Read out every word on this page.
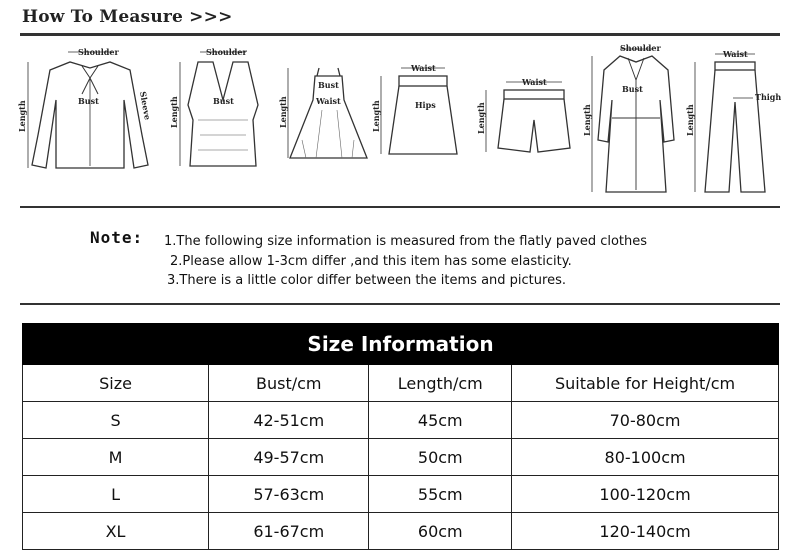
How To Measure >>>
Shoulder
Bust	Sleeve
Length
Shoulder
Bust
Length
Bust
Waist
Length
Waist
Hips
Length
Waist
Length
Shoulder
Bust
Length
Waist
Thigh
Length
Note: 1.The following size information is measured from the flatly paved clothes
2.Please allow 1-3cm differ ,and this item has some elasticity.
3.There is a little color differ between the items and pictures.
Size Information			
Size	Bust/cm	Length/cm	Suitable for Height/cm
S	42-51cm	45cm	70-80cm
M	49-57cm	50cm	80-100cm
L	57-63cm	55cm	100-120cm
XL	61-67cm	60cm	120-140cm
